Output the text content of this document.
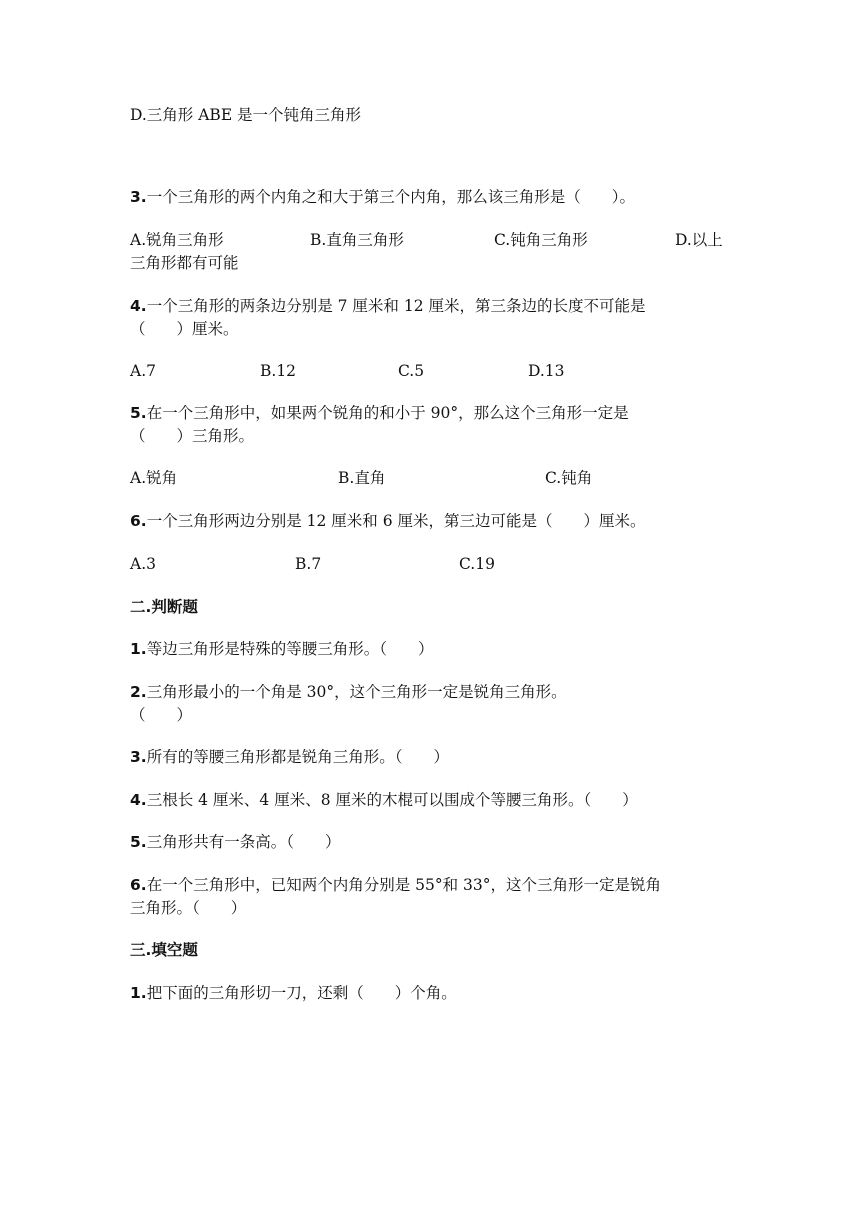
D.三角形 ABE 是一个钝角三角形
3.一个三角形的两个内角之和大于第三个内角，那么该三角形是（　　）。
A.锐角三角形	B.直角三角形	C.钝角三角形	D.以上
三角形都有可能
4.一个三角形的两条边分别是 7 厘米和 12 厘米，第三条边的长度不可能是
（　　）厘米。
A.7	B.12	C.5	D.13
5.在一个三角形中，如果两个锐角的和小于 90°，那么这个三角形一定是
（　　）三角形。
A.锐角	B.直角	C.钝角
6.一个三角形两边分别是 12 厘米和 6 厘米，第三边可能是（　　）厘米。
A.3	B.7	C.19
二.判断题
1.等边三角形是特殊的等腰三角形。（　　）
2.三角形最小的一个角是 30°，这个三角形一定是锐角三角形。
（　　）
3.所有的等腰三角形都是锐角三角形。（　　）
4.三根长 4 厘米、4 厘米、8 厘米的木棍可以围成个等腰三角形。（　　）
5.三角形共有一条高。（　　）
6.在一个三角形中，已知两个内角分别是 55°和 33°，这个三角形一定是锐角
三角形。（　　）
三.填空题
1.把下面的三角形切一刀，还剩（　　）个角。
